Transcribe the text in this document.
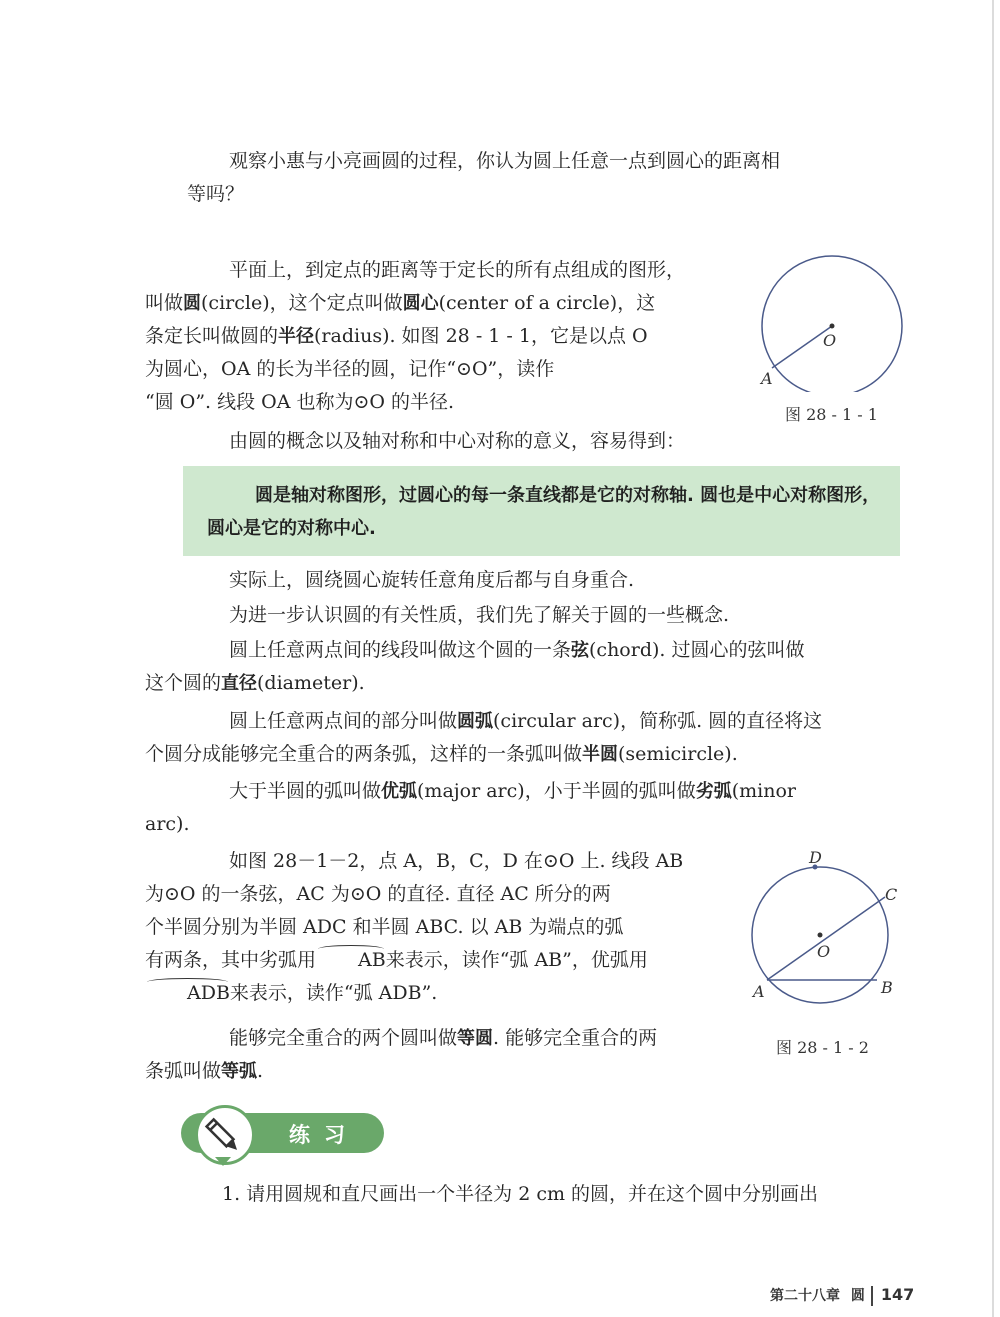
观察小惠与小亮画圆的过程，你认为圆上任意一点到圆心的距离相
等吗？

平面上，到定点的距离等于定长的所有点组成的图形，
叫做圆(circle)，这个定点叫做圆心(center of a circle)，这
条定长叫做圆的半径(radius). 如图 28 - 1 - 1，它是以点 O
为圆心，OA 的长为半径的圆，记作“⊙O”，读作
“圆 O”. 线段 OA 也称为⊙O 的半径.

O
A
图 28 - 1 - 1

由圆的概念以及轴对称和中心对称的意义，容易得到：

圆是轴对称图形，过圆心的每一条直线都是它的对称轴. 圆也是中心对称图形，圆心是它的对称中心.

实际上，圆绕圆心旋转任意角度后都与自身重合.

为进一步认识圆的有关性质，我们先了解关于圆的一些概念.

圆上任意两点间的线段叫做这个圆的一条弦(chord). 过圆心的弦叫做
这个圆的直径(diameter).

圆上任意两点间的部分叫做圆弧(circular arc)，简称弧. 圆的直径将这
个圆分成能够完全重合的两条弧，这样的一条弧叫做半圆(semicircle).

大于半圆的弧叫做优弧(major arc)，小于半圆的弧叫做劣弧(minor
arc).

如图 28－1－2，点 A，B，C，D 在⊙O 上. 线段 AB
为⊙O 的一条弦，AC 为⊙O 的直径. 直径 AC 所分的两
个半圆分别为半圆 ADC 和半圆 ABC. 以 AB 为端点的弧
有两条，其中劣弧用 AB来表示，读作“弧 AB”，优弧用
ADB来表示，读作“弧 ADB”.

D
C
O
A	B
图 28 - 1 - 2

能够完全重合的两个圆叫做等圆. 能够完全重合的两
条弧叫做等弧.

练习

1. 请用圆规和直尺画出一个半径为 2 cm 的圆，并在这个圆中分别画出

第二十八章 圆 147
